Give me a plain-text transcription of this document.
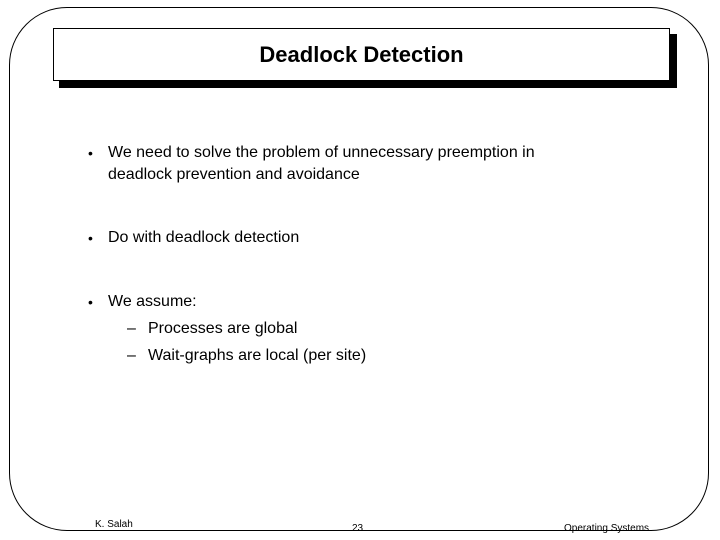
Deadlock Detection
• We need to solve the problem of unnecessary preemption in
deadlock prevention and avoidance
• Do with deadlock detection
• We assume:
– Processes are global
– Wait-graphs are local (per site)
K. Salah	23	Operating Systems
